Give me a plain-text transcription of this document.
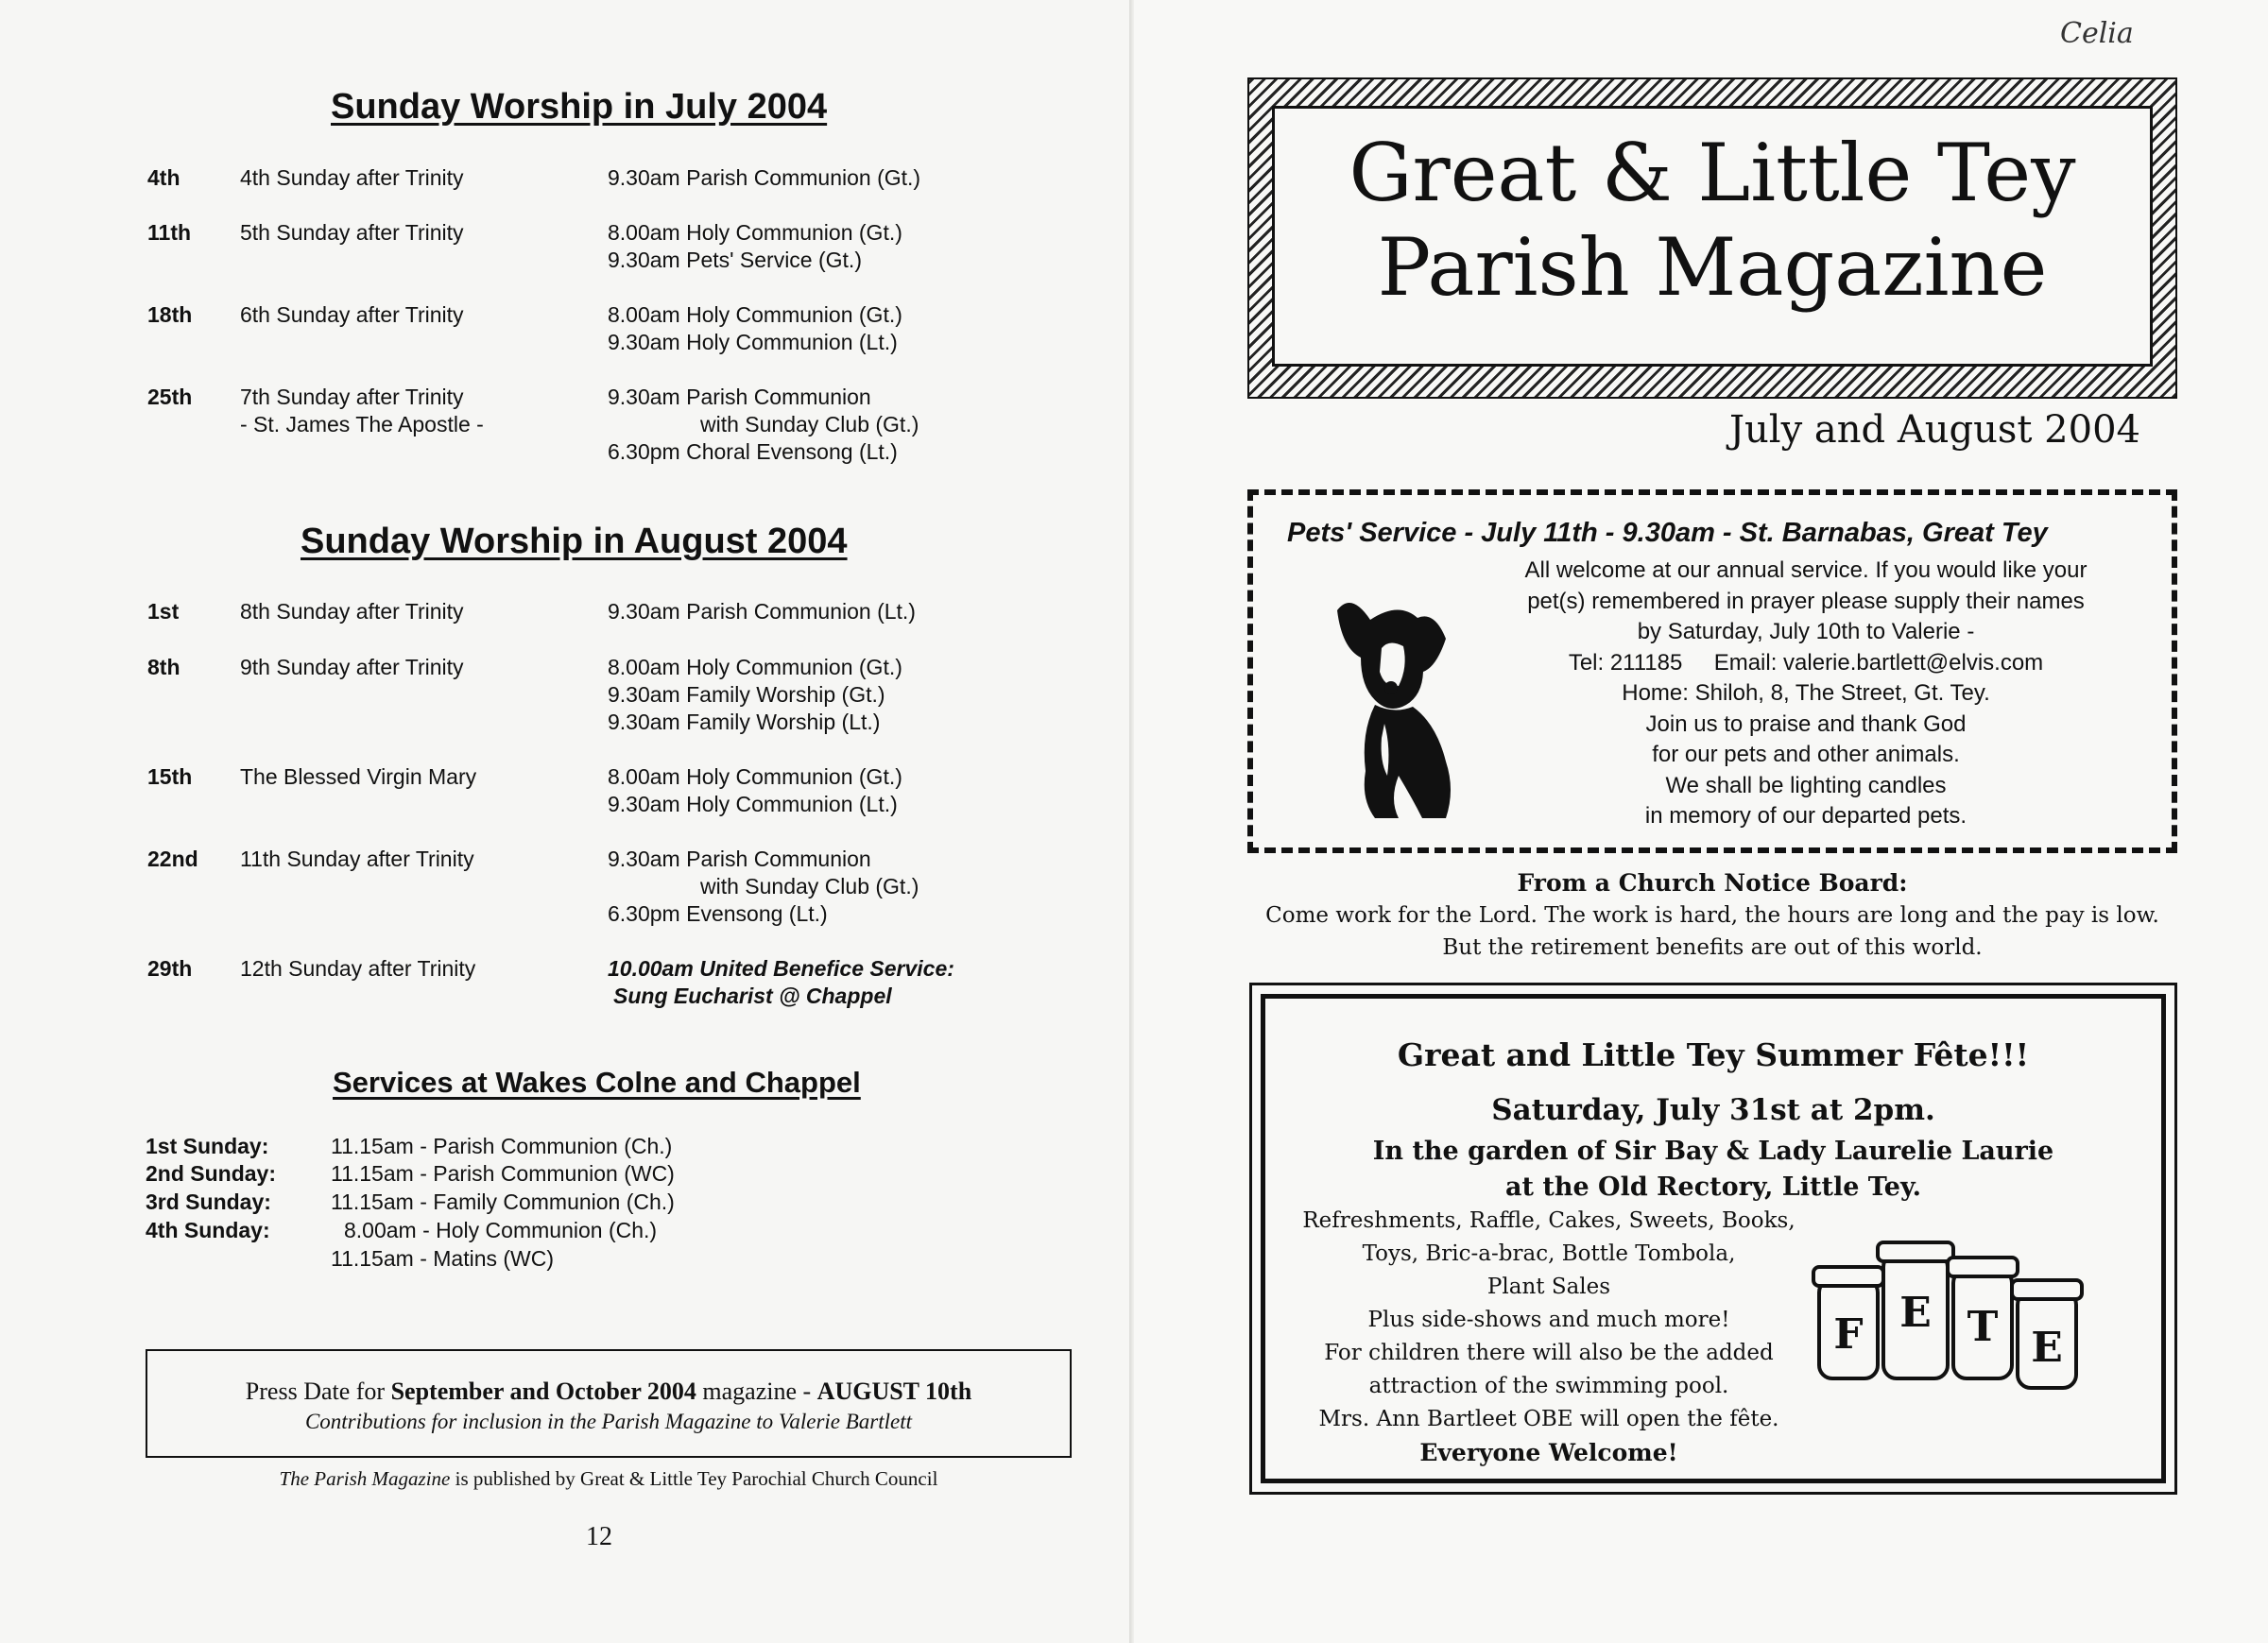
Sunday Worship in July 2004
4th	4th Sunday after Trinity	9.30am Parish Communion (Gt.)
11th 5th Sunday after Trinity	8.00am Holy Communion (Gt.)
9.30am Pets' Service (Gt.)
18th 6th Sunday after Trinity	8.00am Holy Communion (Gt.)
9.30am Holy Communion (Lt.)
25th 7th Sunday after Trinity
- St. James The Apostle -
9.30am Parish Communion
with Sunday Club (Gt.)
6.30pm Choral Evensong (Lt.)
Sunday Worship in August 2004
1st	8th Sunday after Trinity	9.30am Parish Communion (Lt.)
8th	9th Sunday after Trinity	8.00am Holy Communion (Gt.)
9.30am Family Worship (Gt.)
9.30am Family Worship (Lt.)
15th The Blessed Virgin Mary	8.00am Holy Communion (Gt.)
9.30am Holy Communion (Lt.)
22nd 11th Sunday after Trinity	9.30am Parish Communion
with Sunday Club (Gt.)
6.30pm Evensong (Lt.)
29th 12th Sunday after Trinity	10.00am United Benefice Service:
Sung Eucharist @ Chappel
Services at Wakes Colne and Chappel
1st Sunday:	11.15am - Parish Communion (Ch.)
2nd Sunday:	11.15am - Parish Communion (WC)
3rd Sunday:	11.15am - Family Communion (Ch.)
4th Sunday:	8.00am - Holy Communion (Ch.)
11.15am - Matins (WC)
Press Date for September and October 2004 magazine - AUGUST 10th
Contributions for inclusion in the Parish Magazine to Valerie Bartlett
The Parish Magazine is published by Great & Little Tey Parochial Church Council
12
Celia
Great & Little Tey
Parish Magazine
July and August 2004
Pets' Service - July 11th - 9.30am - St. Barnabas, Great Tey
All welcome at our annual service. If you would like your
pet(s) remembered in prayer please supply their names
by Saturday, July 10th to Valerie -
Tel: 211185     Email: valerie.bartlett@elvis.com
Home: Shiloh, 8, The Street, Gt. Tey.
Join us to praise and thank God
for our pets and other animals.
We shall be lighting candles
in memory of our departed pets.
From a Church Notice Board:
Come work for the Lord. The work is hard, the hours are long and the pay is low.
But the retirement benefits are out of this world.
Great and Little Tey Summer Fête!!!
Saturday, July 31st at 2pm.
In the garden of Sir Bay & Lady Laurelie Laurie
at the Old Rectory, Little Tey.
Refreshments, Raffle, Cakes, Sweets, Books,
Toys, Bric-a-brac, Bottle Tombola,
Plant Sales
Plus side-shows and much more!
For children there will also be the added
attraction of the swimming pool.
Mrs. Ann Bartleet OBE will open the fête.
Everyone Welcome!
F E T E
